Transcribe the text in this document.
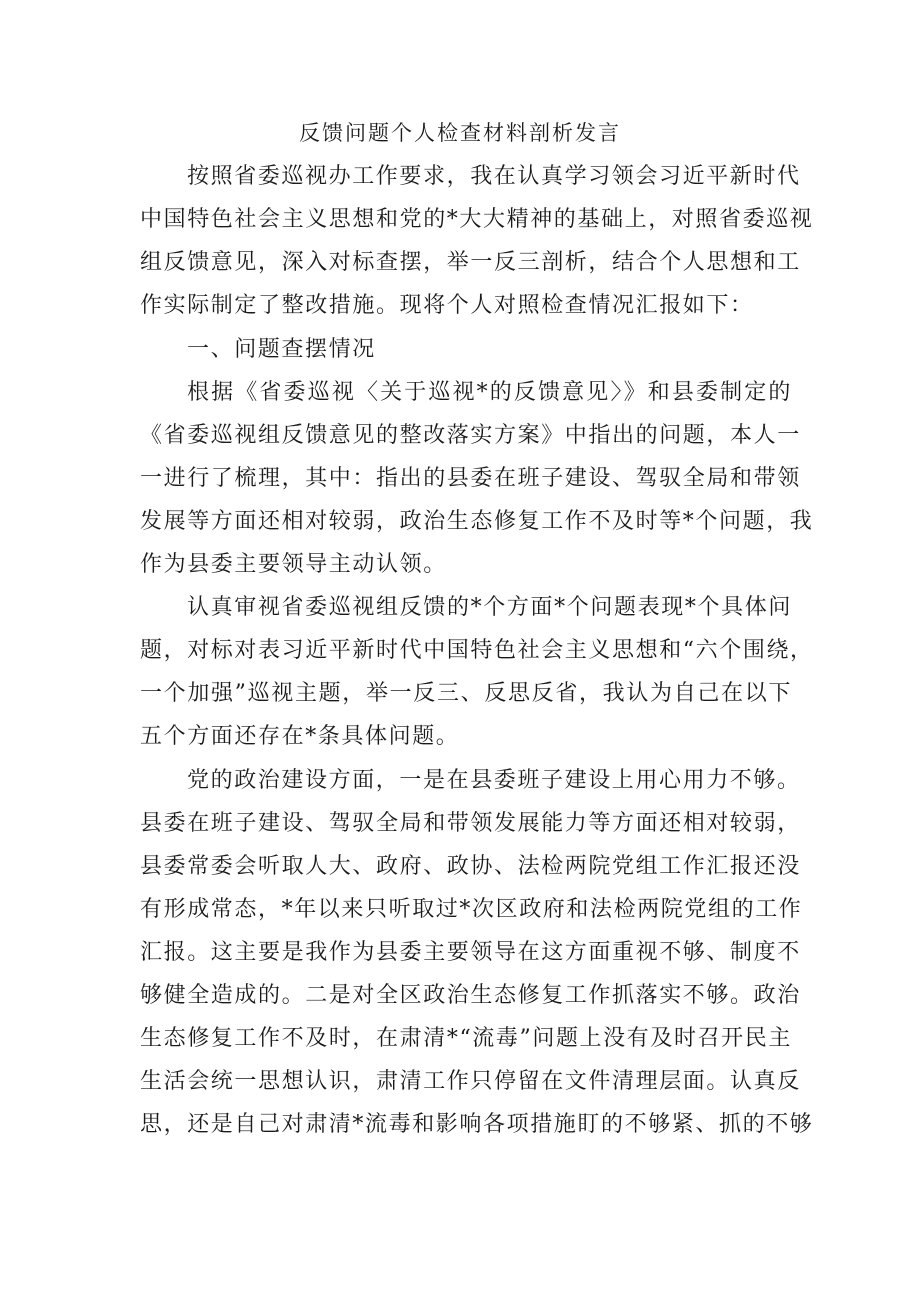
反馈问题个人检查材料剖析发言
按照省委巡视办工作要求，我在认真学习领会习近平新时代
中国特色社会主义思想和党的*大大精神的基础上，对照省委巡视
组反馈意见，深入对标查摆，举一反三剖析，结合个人思想和工
作实际制定了整改措施。现将个人对照检查情况汇报如下：
一、问题查摆情况
根据《省委巡视〈关于巡视*的反馈意见〉》和县委制定的
《省委巡视组反馈意见的整改落实方案》中指出的问题，本人一
一进行了梳理，其中：指出的县委在班子建设、驾驭全局和带领
发展等方面还相对较弱，政治生态修复工作不及时等*个问题，我
作为县委主要领导主动认领。
认真审视省委巡视组反馈的*个方面*个问题表现*个具体问
题，对标对表习近平新时代中国特色社会主义思想和“六个围绕，
一个加强”巡视主题，举一反三、反思反省，我认为自己在以下
五个方面还存在*条具体问题。
党的政治建设方面，一是在县委班子建设上用心用力不够。
县委在班子建设、驾驭全局和带领发展能力等方面还相对较弱，
县委常委会听取人大、政府、政协、法检两院党组工作汇报还没
有形成常态，*年以来只听取过*次区政府和法检两院党组的工作
汇报。这主要是我作为县委主要领导在这方面重视不够、制度不
够健全造成的。二是对全区政治生态修复工作抓落实不够。政治
生态修复工作不及时，在肃清*“流毒”问题上没有及时召开民主
生活会统一思想认识，肃清工作只停留在文件清理层面。认真反
思，还是自己对肃清*流毒和影响各项措施盯的不够紧、抓的不够
